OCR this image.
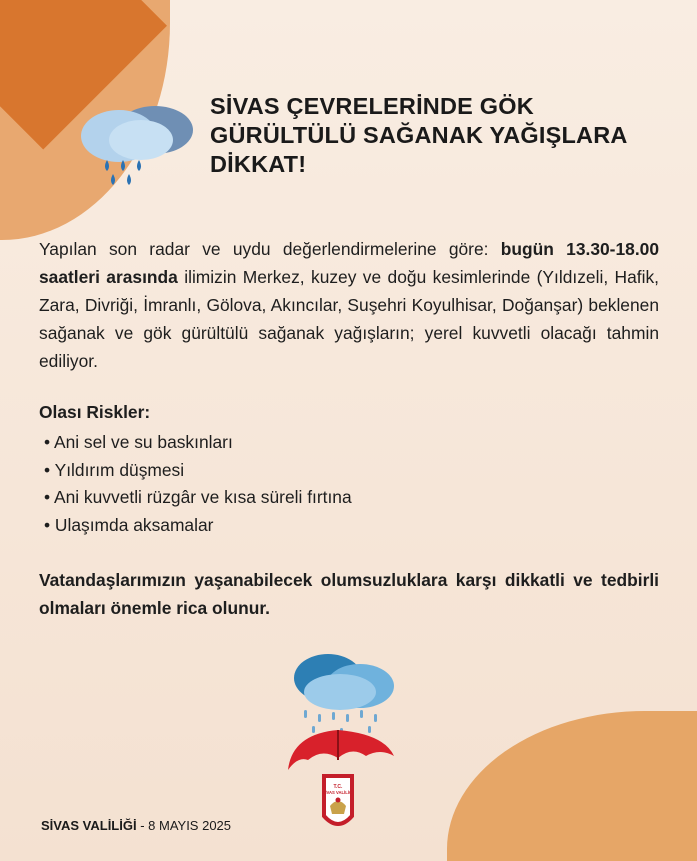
SİVAS ÇEVRELERİNDE GÖK
GÜRÜLTÜLÜ SAĞANAK YAĞIŞLARA
DİKKAT!
Yapılan son radar ve uydu değerlendirmelerine göre: bugün 13.30-18.00 saatleri arasında ilimizin Merkez, kuzey ve doğu kesimlerinde (Yıldızeli, Hafik, Zara, Divriği, İmranlı, Gölova, Akıncılar, Suşehri Koyulhisar, Doğanşar) beklenen sağanak ve gök gürültülü sağanak yağışların; yerel kuvvetli olacağı tahmin ediliyor.
Olası Riskler:
• Ani sel ve su baskınları
• Yıldırım düşmesi
• Ani kuvvetli rüzgâr ve kısa süreli fırtına
• Ulaşımda aksamalar
Vatandaşlarımızın yaşanabilecek olumsuzluklara karşı dikkatli ve tedbirli olmaları önemle rica olunur.
T.C.
SİVAS VALİLİĞİ
SİVAS VALİLİĞİ - 8 MAYIS 2025
